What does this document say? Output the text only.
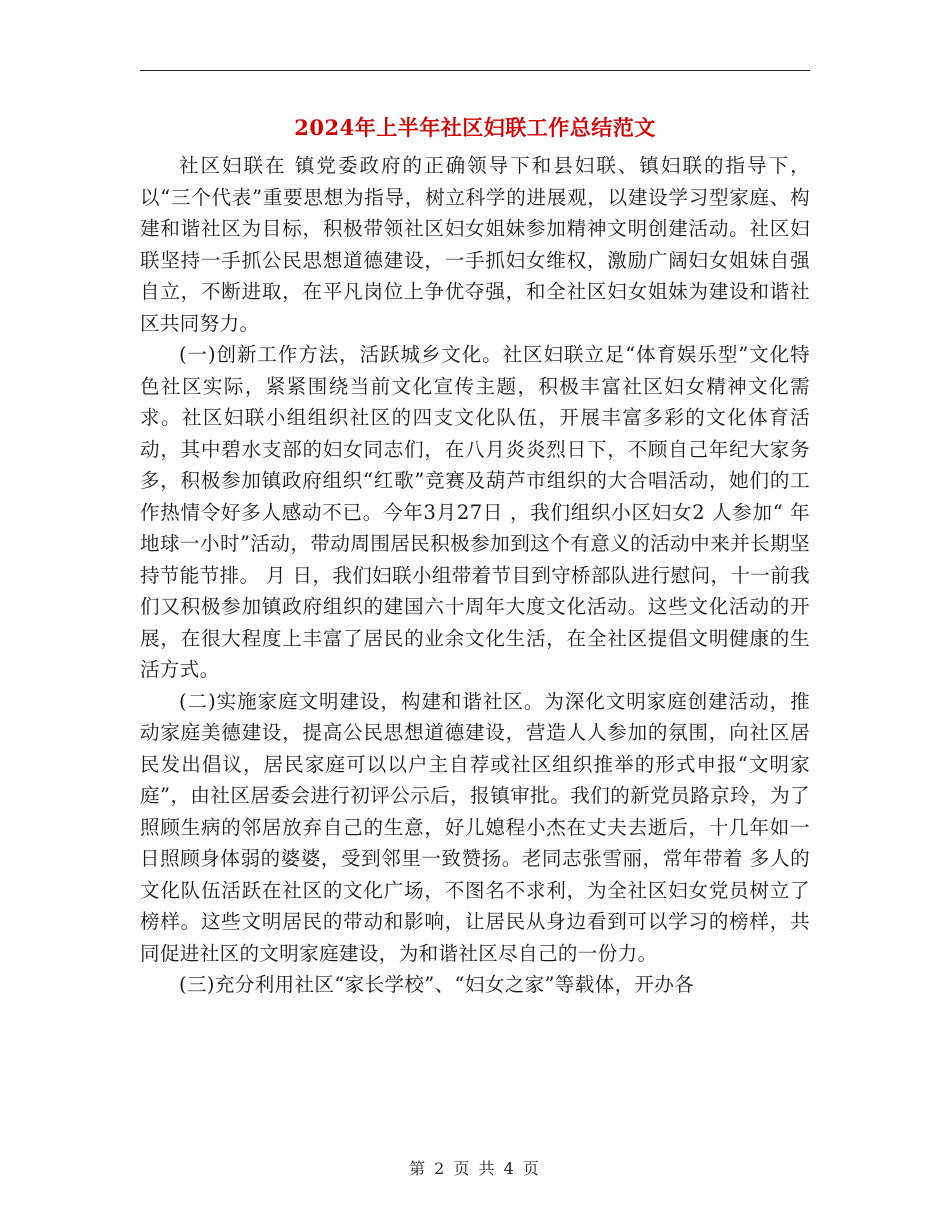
2024年上半年社区妇联工作总结范文

社区妇联在 镇党委政府的正确领导下和县妇联、镇妇联的指导下，以“三个代表”重要思想为指导，树立科学的进展观，以建设学习型家庭、构建和谐社区为目标，积极带领社区妇女姐妹参加精神文明创建活动。社区妇联坚持一手抓公民思想道德建设，一手抓妇女维权，激励广阔妇女姐妹自强自立，不断进取，在平凡岗位上争优夺强，和全社区妇女姐妹为建设和谐社区共同努力。

(一)创新工作方法，活跃城乡文化。社区妇联立足“体育娱乐型”文化特色社区实际，紧紧围绕当前文化宣传主题，积极丰富社区妇女精神文化需求。社区妇联小组组织社区的四支文化队伍，开展丰富多彩的文化体育活动，其中碧水支部的妇女同志们，在八月炎炎烈日下，不顾自己年纪大家务多，积极参加镇政府组织“红歌”竞赛及葫芦市组织的大合唱活动，她们的工作热情令好多人感动不已。今年3月27日 ，我们组织小区妇女2 人参加“ 年地球一小时”活动，带动周围居民积极参加到这个有意义的活动中来并长期坚持节能节排。 月 日，我们妇联小组带着节目到守桥部队进行慰问，十一前我们又积极参加镇政府组织的建国六十周年大度文化活动。这些文化活动的开展，在很大程度上丰富了居民的业余文化生活，在全社区提倡文明健康的生活方式。

(二)实施家庭文明建设，构建和谐社区。为深化文明家庭创建活动，推动家庭美德建设，提高公民思想道德建设，营造人人参加的氛围，向社区居民发出倡议，居民家庭可以以户主自荐或社区组织推举的形式申报“文明家庭”，由社区居委会进行初评公示后，报镇审批。我们的新党员路京玲，为了照顾生病的邻居放弃自己的生意，好儿媳程小杰在丈夫去逝后，十几年如一日照顾身体弱的婆婆，受到邻里一致赞扬。老同志张雪丽，常年带着 多人的文化队伍活跃在社区的文化广场，不图名不求利，为全社区妇女党员树立了榜样。这些文明居民的带动和影响，让居民从身边看到可以学习的榜样，共同促进社区的文明家庭建设，为和谐社区尽自己的一份力。

(三)充分利用社区“家长学校”、“妇女之家”等载体，开办各

第 2 页 共 4 页
